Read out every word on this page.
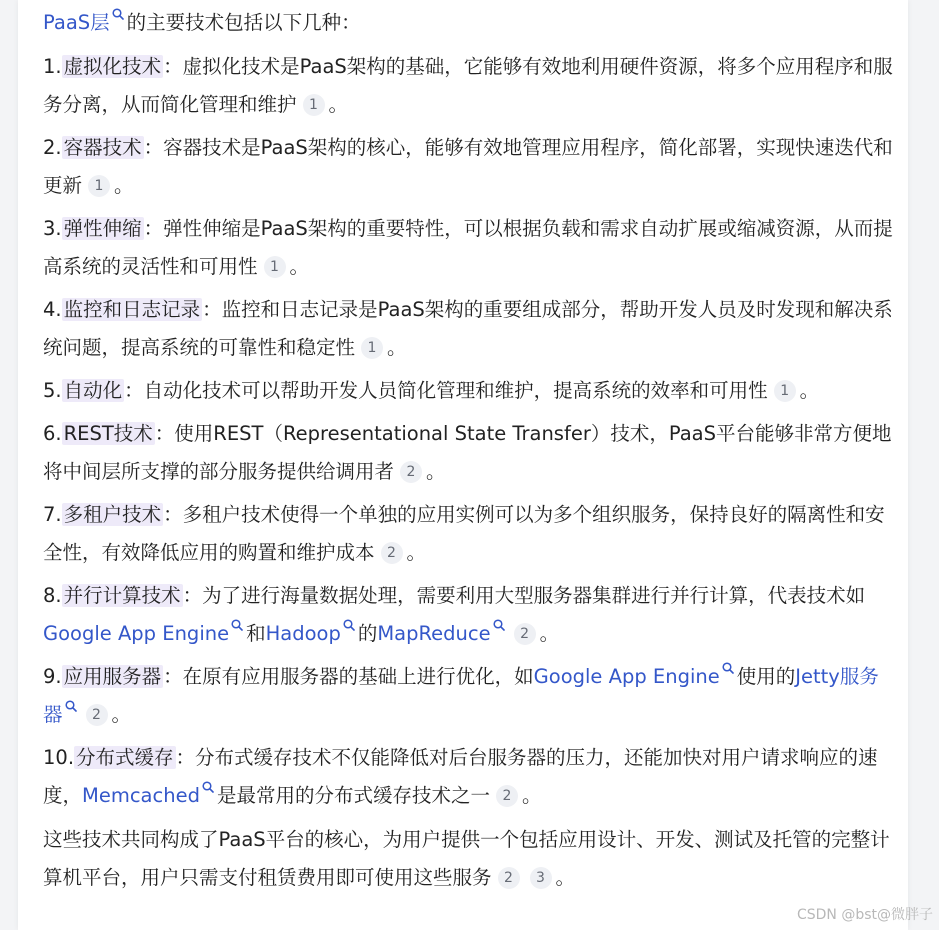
PaaS层 的主要技术包括以下几种：
1. 虚拟化技术 ：虚拟化技术是PaaS架构的基础，它能够有效地利用硬件资源，将多个应用程序和服务分离，从而简化管理和维护 1 。
2. 容器技术 ：容器技术是PaaS架构的核心，能够有效地管理应用程序，简化部署，实现快速迭代和更新 1 。
3. 弹性伸缩 ：弹性伸缩是PaaS架构的重要特性，可以根据负载和需求自动扩展或缩减资源，从而提高系统的灵活性和可用性 1 。
4. 监控和日志记录 ：监控和日志记录是PaaS架构的重要组成部分，帮助开发人员及时发现和解决系统问题，提高系统的可靠性和稳定性 1 。
5. 自动化 ：自动化技术可以帮助开发人员简化管理和维护，提高系统的效率和可用性 1 。
6. REST技术 ：使用REST（Representational State Transfer）技术，PaaS平台能够非常方便地将中间层所支撑的部分服务提供给调用者 2 。
7. 多租户技术 ：多租户技术使得一个单独的应用实例可以为多个组织服务，保持良好的隔离性和安全性，有效降低应用的购置和维护成本 2 。
8. 并行计算技术 ：为了进行海量数据处理，需要利用大型服务器集群进行并行计算，代表技术如Google App Engine 和Hadoop 的MapReduce 2 。
9. 应用服务器 ：在原有应用服务器的基础上进行优化，如Google App Engine 使用的Jetty服务器 2 。
10. 分布式缓存 ：分布式缓存技术不仅能降低对后台服务器的压力，还能加快对用户请求响应的速度，Memcached 是最常用的分布式缓存技术之一 2 。
这些技术共同构成了PaaS平台的核心，为用户提供一个包括应用设计、开发、测试及托管的完整计算机平台，用户只需支付租赁费用即可使用这些服务 2 3 。
CSDN @bst@微胖子
